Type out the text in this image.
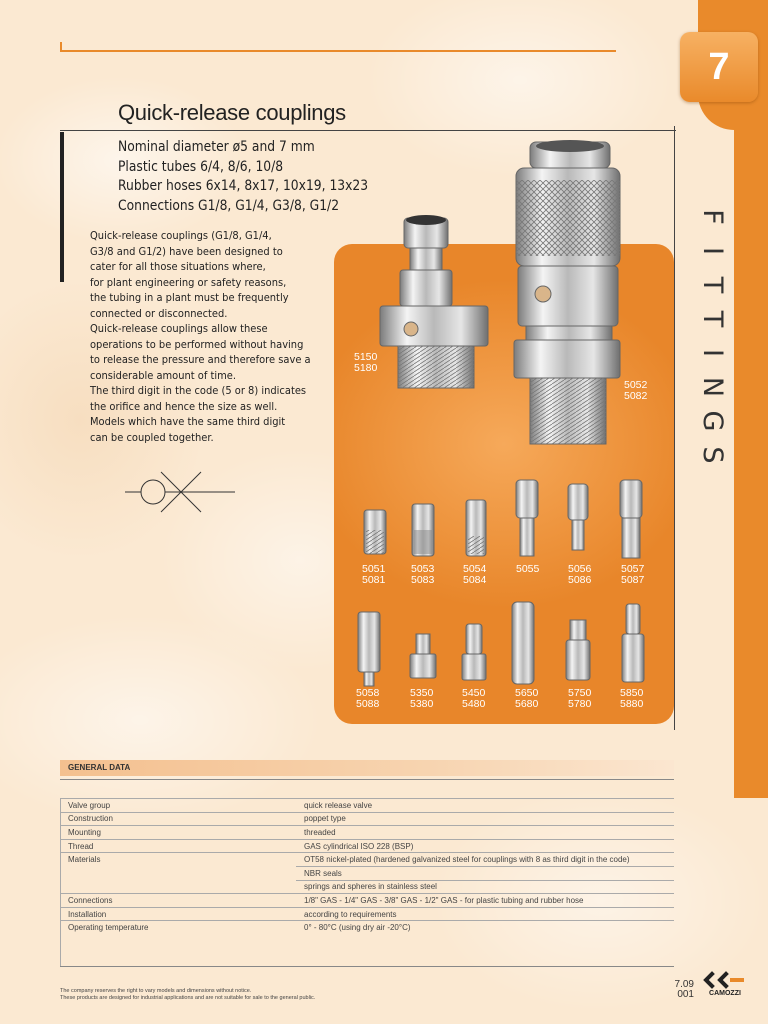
7
F
I
T
T
I
N
G
S
Quick-release couplings
Nominal diameter ø5 and 7 mm
Plastic tubes 6/4, 8/6, 10/8
Rubber hoses 6x14, 8x17, 10x19, 13x23
Connections G1/8, G1/4, G3/8, G1/2
Quick-release couplings (G1/8, G1/4,
G3/8 and G1/2) have been designed to
cater for all those situations where,
for plant engineering or safety reasons,
the tubing in a plant must be frequently
connected or disconnected.
Quick-release couplings allow these
operations to be performed without having
to release the pressure and therefore save a
considerable amount of time.
The third digit in the code (5 or 8) indicates
the orifice and hence the size as well.
Models which have the same third digit
can be coupled together.
5150
5180
5052
5082
5051
5081
5053
5083
5054
5084
5055	5056
5086
5057
5087
5058
5088
5350
5380
5450
5480
5650
5680
5750
5780
5850
5880
GENERAL DATA
Valve group	quick release valve
Construction	poppet type
Mounting	threaded
Thread	GAS cylindrical ISO 228 (BSP)
Materials	OT58 nickel-plated (hardened galvanized steel for couplings with 8 as third digit in the code)
	NBR seals
	springs and spheres in stainless steel
Connections	1/8" GAS - 1/4" GAS - 3/8" GAS - 1/2" GAS - for plastic tubing and rubber hose
Installation	according to requirements
Operating temperature	0° - 80°C (using dry air -20°C)
The company reserves the right to vary models and dimensions without notice.
These products are designed for industrial applications and are not suitable for sale to the general public.
7.09
001	CAMOZZI
